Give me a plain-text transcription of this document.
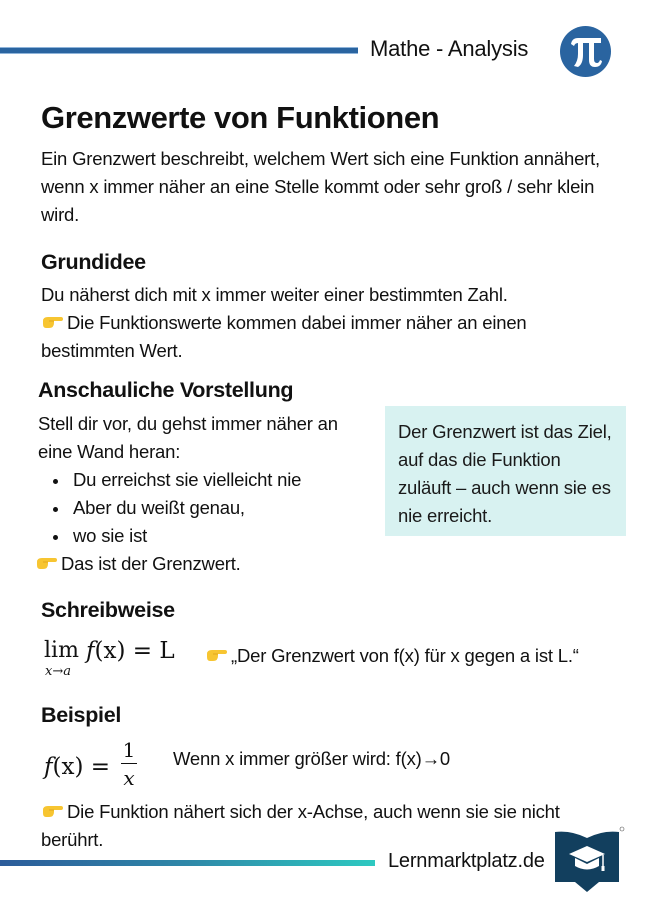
Mathe - Analysis
Grenzwerte von Funktionen
Ein Grenzwert beschreibt, welchem Wert sich eine Funktion annähert, wenn x immer näher an eine Stelle kommt oder sehr groß / sehr klein wird.
Grundidee
Du näherst dich mit x immer weiter einer bestimmten Zahl.
Die Funktionswerte kommen dabei immer näher an einen bestimmten Wert.
Anschauliche Vorstellung
Stell dir vor, du gehst immer näher an eine Wand heran:
Du erreichst sie vielleicht nie
Aber du weißt genau,
wo sie ist
Das ist der Grenzwert.
Der Grenzwert ist das Ziel, auf das die Funktion zuläuft – auch wenn sie es nie erreicht.
Schreibweise
lim
x→a
f(x) = L	„Der Grenzwert von f(x) für x gegen a ist L.“
Beispiel
f(x) =
1
x
Wenn x immer größer wird: f(x)→0
Die Funktion nähert sich der x-Achse, auch wenn sie sie nicht berührt.
Lernmarktplatz.de
